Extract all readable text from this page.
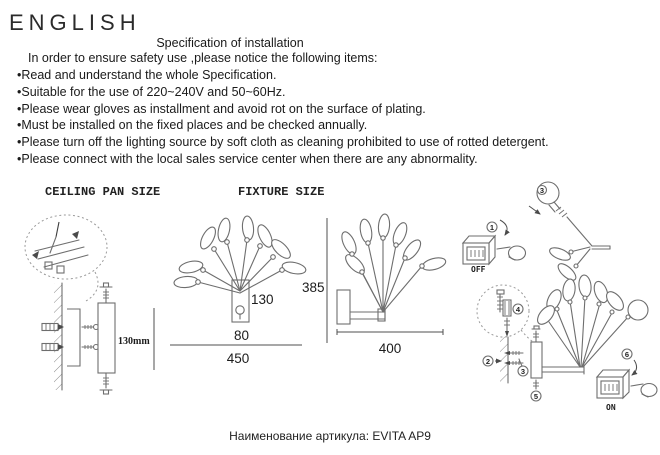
ENGLISH
Specification of installation
In order to ensure safety use ,please notice the following items:
•Read and understand the whole Specification.
•Suitable for the use of 220~240V and 50~60Hz.
•Please wear gloves as installment and avoid rot on the surface of plating.
•Must be installed on the fixed places and be checked annually.
•Please turn off the lighting source by soft cloth as cleaning prohibited to use of rotted detergent.
•Please connect with the local sales service center when there are any abnormality.
CEILING PAN SIZE	FIXTURE SIZE
130mm
130
80
450
385
400
1
OFF
3
4
2
3
5
6
ON
Наименование артикула: EVITA AP9
